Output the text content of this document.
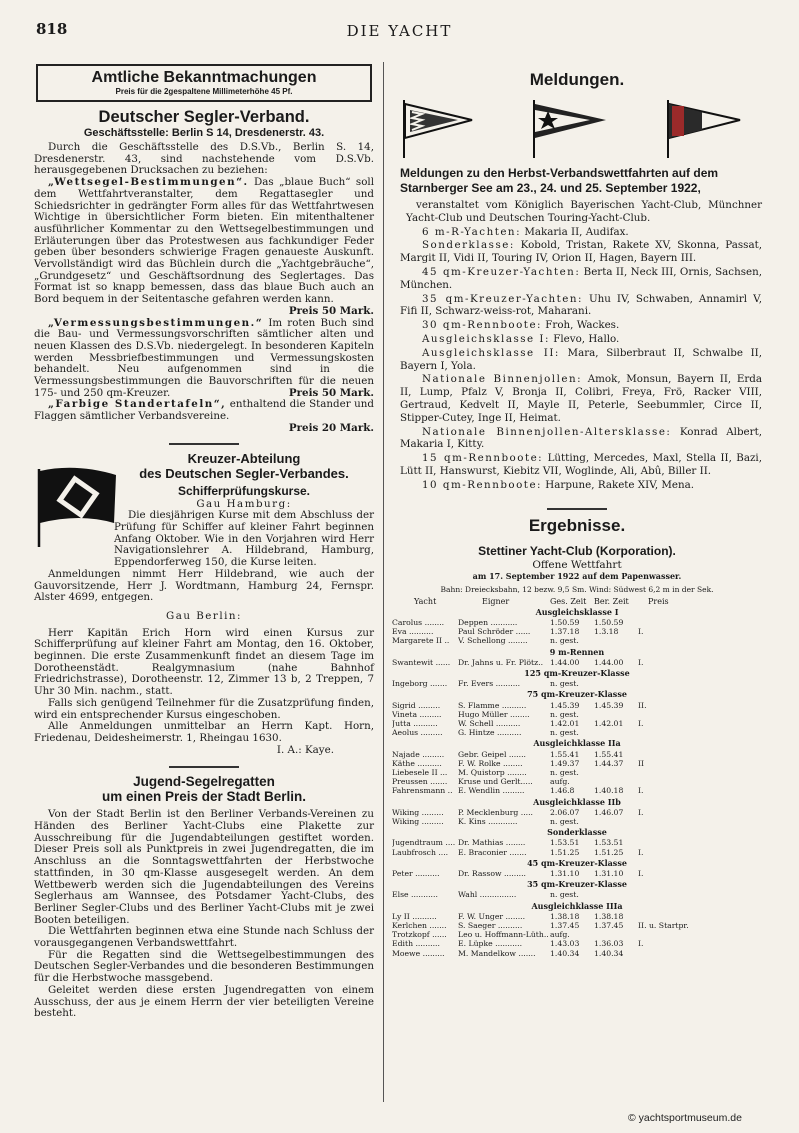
818	DIE YACHT
Amtliche Bekanntmachungen
Preis für die 2gespaltene Millimeterhöhe 45 Pf.
Deutscher Segler-Verband.
Geschäftsstelle: Berlin S 14, Dresdenerstr. 43.

Durch die Geschäftsstelle des D.S.Vb., Berlin S. 14, Dresdenerstr. 43, sind nachstehende vom D.S.Vb. herausgegebenen Drucksachen zu beziehen:

„Wettsegel-Bestimmungen“. Das „blaue Buch“ soll dem Wettfahrtveranstalter, dem Regattasegler und Schiedsrichter in gedrängter Form alles für das Wettfahrtwesen Wichtige in übersichtlicher Form bieten. Ein mitenthaltener ausführlicher Kommentar zu den Wettsegelbestimmungen und Erläuterungen über das Protestwesen aus fachkundiger Feder geben über besonders schwierige Fragen genaueste Auskunft. Vervollständigt wird das Büchlein durch die „Yachtgebräuche“, „Grundgesetz“ und Geschäftsordnung des Seglertages. Das Format ist so knapp bemessen, dass das blaue Buch auch an Bord bequem in der Seitentasche gefahren werden kann.
Preis 50 Mark.

„Vermessungsbestimmungen.“ Im roten Buch sind die Bau- und Vermessungsvorschriften sämtlicher alten und neuen Klassen des D.S.Vb. niedergelegt. In besonderen Kapiteln werden Messbriefbestimmungen und Vermessungskosten behandelt. Neu aufgenommen sind in die Vermessungsbestimmungen die Bauvorschriften für die neuen 175- und 250 qm-Kreuzer.	Preis 50 Mark.

„Farbige Standertafeln“, enthaltend die Stander und Flaggen sämtlicher Verbandsvereine.

Preis 20 Mark.

Kreuzer-Abteilung
des Deutschen Segler-Verbandes.
Schifferprüfungskurse.
Gau Hamburg:

Die diesjährigen Kurse mit dem Abschluss der Prüfung für Schiffer auf kleiner Fahrt beginnen Anfang Oktober. Wie in den Vorjahren wird Herr Navigationslehrer A. Hildebrand, Hamburg, Eppendorferweg 150, die Kurse leiten.

Anmeldungen nimmt Herr Hildebrand, wie auch der Gauvorsitzende, Herr J. Wordtmann, Hamburg 24, Fernspr. Alster 4699, entgegen.

Gau Berlin:

Herr Kapitän Erich Horn wird einen Kursus zur Schifferprüfung auf kleiner Fahrt am Montag, den 16. Oktober, beginnen. Die erste Zusammenkunft findet an diesem Tage im Dorotheenstädt. Realgymnasium (nahe Bahnhof Friedrichstrasse), Dorotheenstr. 12, Zimmer 13 b, 2 Treppen, 7 Uhr 30 Min. nachm., statt.

Falls sich genügend Teilnehmer für die Zusatzprüfung finden, wird ein entsprechender Kursus eingeschoben.

Alle Anmeldungen unmittelbar an Herrn Kapt. Horn, Friedenau, Deidesheimerstr. 1, Rheingau 1630.

I. A.: Kaye.

Jugend-Segelregatten
um einen Preis der Stadt Berlin.

Von der Stadt Berlin ist den Berliner Verbands-Vereinen zu Händen des Berliner Yacht-Clubs eine Plakette zur Ausschreibung für die Jugendabteilungen gestiftet worden. Dieser Preis soll als Punktpreis in zwei Jugendregatten, die im Anschluss an die Sonntagswettfahrten der Herbstwoche stattfinden, in 30 qm-Klasse ausgesegelt werden. An dem Wettbewerb werden sich die Jugendabteilungen des Vereins Seglerhaus am Wannsee, des Potsdamer Yacht-Clubs, des Berliner Segler-Clubs und des Berliner Yacht-Clubs mit je zwei Booten beteiligen.

Die Wettfahrten beginnen etwa eine Stunde nach Schluss der vorausgegangenen Verbandswettfahrt.

Für die Regatten sind die Wettsegelbestimmungen des Deutschen Segler-Verbandes und die besonderen Bestimmungen für die Herbstwoche massgebend.

Geleitet werden diese ersten Jugendregatten von einem Ausschuss, der aus je einem Herrn der vier beteiligten Vereine besteht.

Meldungen.
Meldungen zu den Herbst-Verbandswettfahrten auf dem Starnberger See am 23., 24. und 25. September 1922,

veranstaltet vom Königlich Bayerischen Yacht-Club, Münchner Yacht-Club und Deutschen Touring-Yacht-Club.

6 m-R-Yachten: Makaria II, Audifax.

Sonderklasse: Kobold, Tristan, Rakete XV, Skonna, Passat, Margit II, Vidi II, Touring IV, Orion II, Hagen, Bayern III.

45 qm-Kreuzer-Yachten: Berta II, Neck III, Ornis, Sachsen, München.

35 qm-Kreuzer-Yachten: Uhu IV, Schwaben, Annamirl V, Fifi II, Schwarz-weiss-rot, Maharani.

30 qm-Rennboote: Froh, Wackes.

Ausgleichsklasse I: Flevo, Hallo.

Ausgleichsklasse II: Mara, Silberbraut II, Schwalbe II, Bayern I, Yola.

Nationale Binnenjollen: Amok, Monsun, Bayern II, Erda II, Lump, Pfalz V, Bronja II, Colibri, Freya, Frö, Racker VIII, Gertraud, Kedvelt II, Mayle II, Peterle, Seebummler, Circe II, Stipper-Cutey, Inge II, Heimat.

Nationale Binnenjollen-Altersklasse: Konrad Albert, Makaria I, Kitty.

15 qm-Rennboote: Lütting, Mercedes, Maxl, Stella II, Bazi, Lütt II, Hanswurst, Kiebitz VII, Woglinde, Ali, Abû, Biller II.

10 qm-Rennboote: Harpune, Rakete XIV, Mena.

Ergebnisse.
Stettiner Yacht-Club (Korporation).
Offene Wettfahrt
am 17. September 1922 auf dem Papenwasser.
Bahn: Dreiecksbahn, 12 bezw. 9,5 Sm. Wind: Südwest 6,2 m in der Sek.
Yacht	Eigner	Ges. Zeit Ber. Zeit	Preis
Ausgleichsklasse I
Carolus ........	Deppen ...........	1.50.59	1.50.59
Eva ..........	Paul Schröder ......	1.37.18	1.3.18	I.
Margarete II ..	V. Schellong ........	n. gest.
9 m-Rennen
Swantewit ......	Dr. Jahns u. Fr. Plötz.. 1.44.00	1.44.00	I.
125 qm-Kreuzer-Klasse
Ingeborg .......	Fr. Evers ..........	n. gest.
75 qm-Kreuzer-Klasse
Sigrid .........	S. Flamme ..........	1.45.39	1.45.39	II.
Vineta .........	Hugo Müller ........	n. gest.
Jutta ..........	W. Schell ..........	1.42.01	1.42.01	I.
Aeolus .........	G. Hintze ..........	n. gest.
Ausgleichklasse IIa
Najade .........	Gebr. Geipel .......	1.55.41	1.55.41
Käthe ..........	F. W. Rolke ........	1.49.37	1.44.37	II
Liebesele II ...	M. Quistorp ........	n. gest.
Preussen .......	Kruse und Gerlt.....	aufg.
Fahrensmann .. E. Wendlin .........	1.46.8	1.40.18	I.
Ausgleichklasse IIb
Wiking .........	P. Mecklenburg .....	2.06.07	1.46.07	I.
Wiking .........	K. Kins ............	n. gest.
Sonderklasse
Jugendtraum .... Dr. Mathias ........	1.53.51	1.53.51
Laubfrosch ....	E. Braconier .......	1.51.25	1.51.25	I.
45 qm-Kreuzer-Klasse
Peter ..........	Dr. Rassow .........	1.31.10	1.31.10	I.
35 qm-Kreuzer-Klasse
Else ...........	Wahl ...............	n. gest.
Ausgleichklasse IIIa
Ly II ..........	F. W. Unger ........	1.38.18	1.38.18
Kerlchen .......	S. Saeger ..........	1.37.45	1.37.45	II. u. Startpr.
Trotzkopf ......	Leo u. Hoffmann-Lüth.. aufg.
Edith ..........	E. Lüpke ...........	1.43.03	1.36.03	I.
Moewe .........	M. Mandelkow .......	1.40.34	1.40.34
© yachtsportmuseum.de
